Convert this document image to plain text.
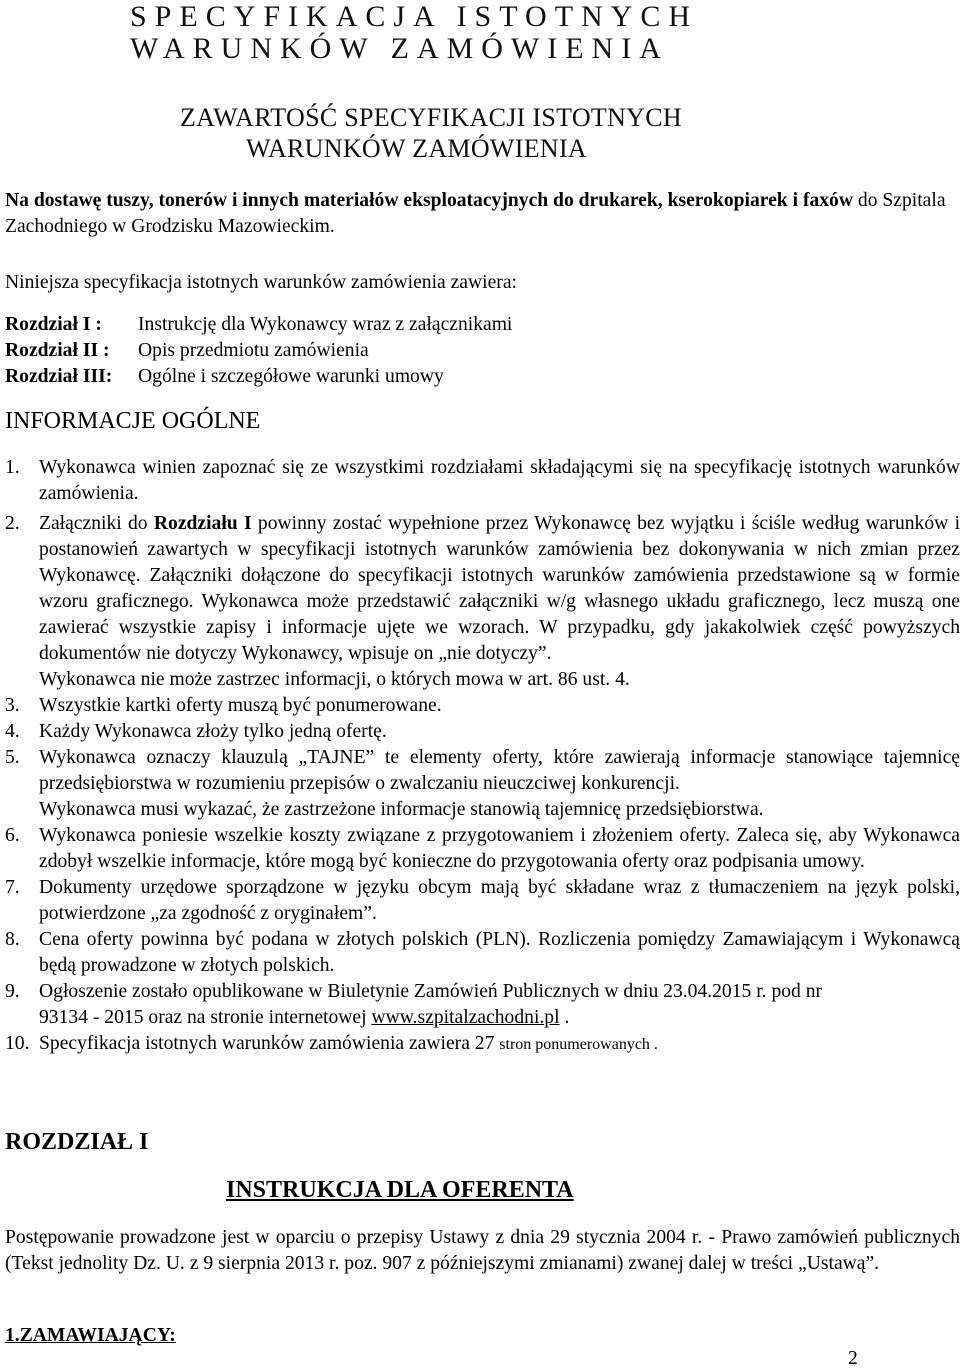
SPECYFIKACJA ISTOTNYCH
WARUNKÓW ZAMÓWIENIA
ZAWARTOŚĆ SPECYFIKACJI ISTOTNYCH
WARUNKÓW ZAMÓWIENIA
Na dostawę tuszy, tonerów i innych materiałów eksploatacyjnych do drukarek, kserokopiarek i faxów do Szpitala Zachodniego w Grodzisku Mazowieckim.
Niniejsza specyfikacja istotnych warunków zamówienia zawiera:
Rozdział I : Instrukcję dla Wykonawcy wraz z załącznikami
Rozdział II : Opis przedmiotu zamówienia
Rozdział III: Ogólne i szczegółowe warunki umowy
INFORMACJE OGÓLNE
1. Wykonawca winien zapoznać się ze wszystkimi rozdziałami składającymi się na specyfikację istotnych warunków zamówienia.
2. Załączniki do Rozdziału I powinny zostać wypełnione przez Wykonawcę bez wyjątku i ściśle według warunków i postanowień zawartych w specyfikacji istotnych warunków zamówienia bez dokonywania w nich zmian przez Wykonawcę. Załączniki dołączone do specyfikacji istotnych warunków zamówienia przedstawione są w formie wzoru graficznego. Wykonawca może przedstawić załączniki w/g własnego układu graficznego, lecz muszą one zawierać wszystkie zapisy i informacje ujęte we wzorach. W przypadku, gdy jakakolwiek część powyższych dokumentów nie dotyczy Wykonawcy, wpisuje on „nie dotyczy”.
Wykonawca nie może zastrzec informacji, o których mowa w art. 86 ust. 4.
3. Wszystkie kartki oferty muszą być ponumerowane.
4. Każdy Wykonawca złoży tylko jedną ofertę.
5. Wykonawca oznaczy klauzulą „TAJNE” te elementy oferty, które zawierają informacje stanowiące tajemnicę przedsiębiorstwa w rozumieniu przepisów o zwalczaniu nieuczciwej konkurencji.
Wykonawca musi wykazać, że zastrzeżone informacje stanowią tajemnicę przedsiębiorstwa.
6. Wykonawca poniesie wszelkie koszty związane z przygotowaniem i złożeniem oferty. Zaleca się, aby Wykonawca zdobył wszelkie informacje, które mogą być konieczne do przygotowania oferty oraz podpisania umowy.
7. Dokumenty urzędowe sporządzone w języku obcym mają być składane wraz z tłumaczeniem na język polski, potwierdzone „za zgodność z oryginałem”.
8. Cena oferty powinna być podana w złotych polskich (PLN). Rozliczenia pomiędzy Zamawiającym i Wykonawcą będą prowadzone w złotych polskich.
9. Ogłoszenie zostało opublikowane w Biuletynie Zamówień Publicznych w dniu 23.04.2015 r. pod nr
93134 - 2015 oraz na stronie internetowej www.szpitalzachodni.pl .
10. Specyfikacja istotnych warunków zamówienia zawiera 27 stron ponumerowanych .
ROZDZIAŁ I
INSTRUKCJA DLA OFERENTA
Postępowanie prowadzone jest w oparciu o przepisy Ustawy z dnia 29 stycznia 2004 r. - Prawo zamówień publicznych (Tekst jednolity Dz. U. z 9 sierpnia 2013 r. poz. 907 z późniejszymi zmianami) zwanej dalej w treści „Ustawą”.
1.ZAMAWIAJĄCY:
2
